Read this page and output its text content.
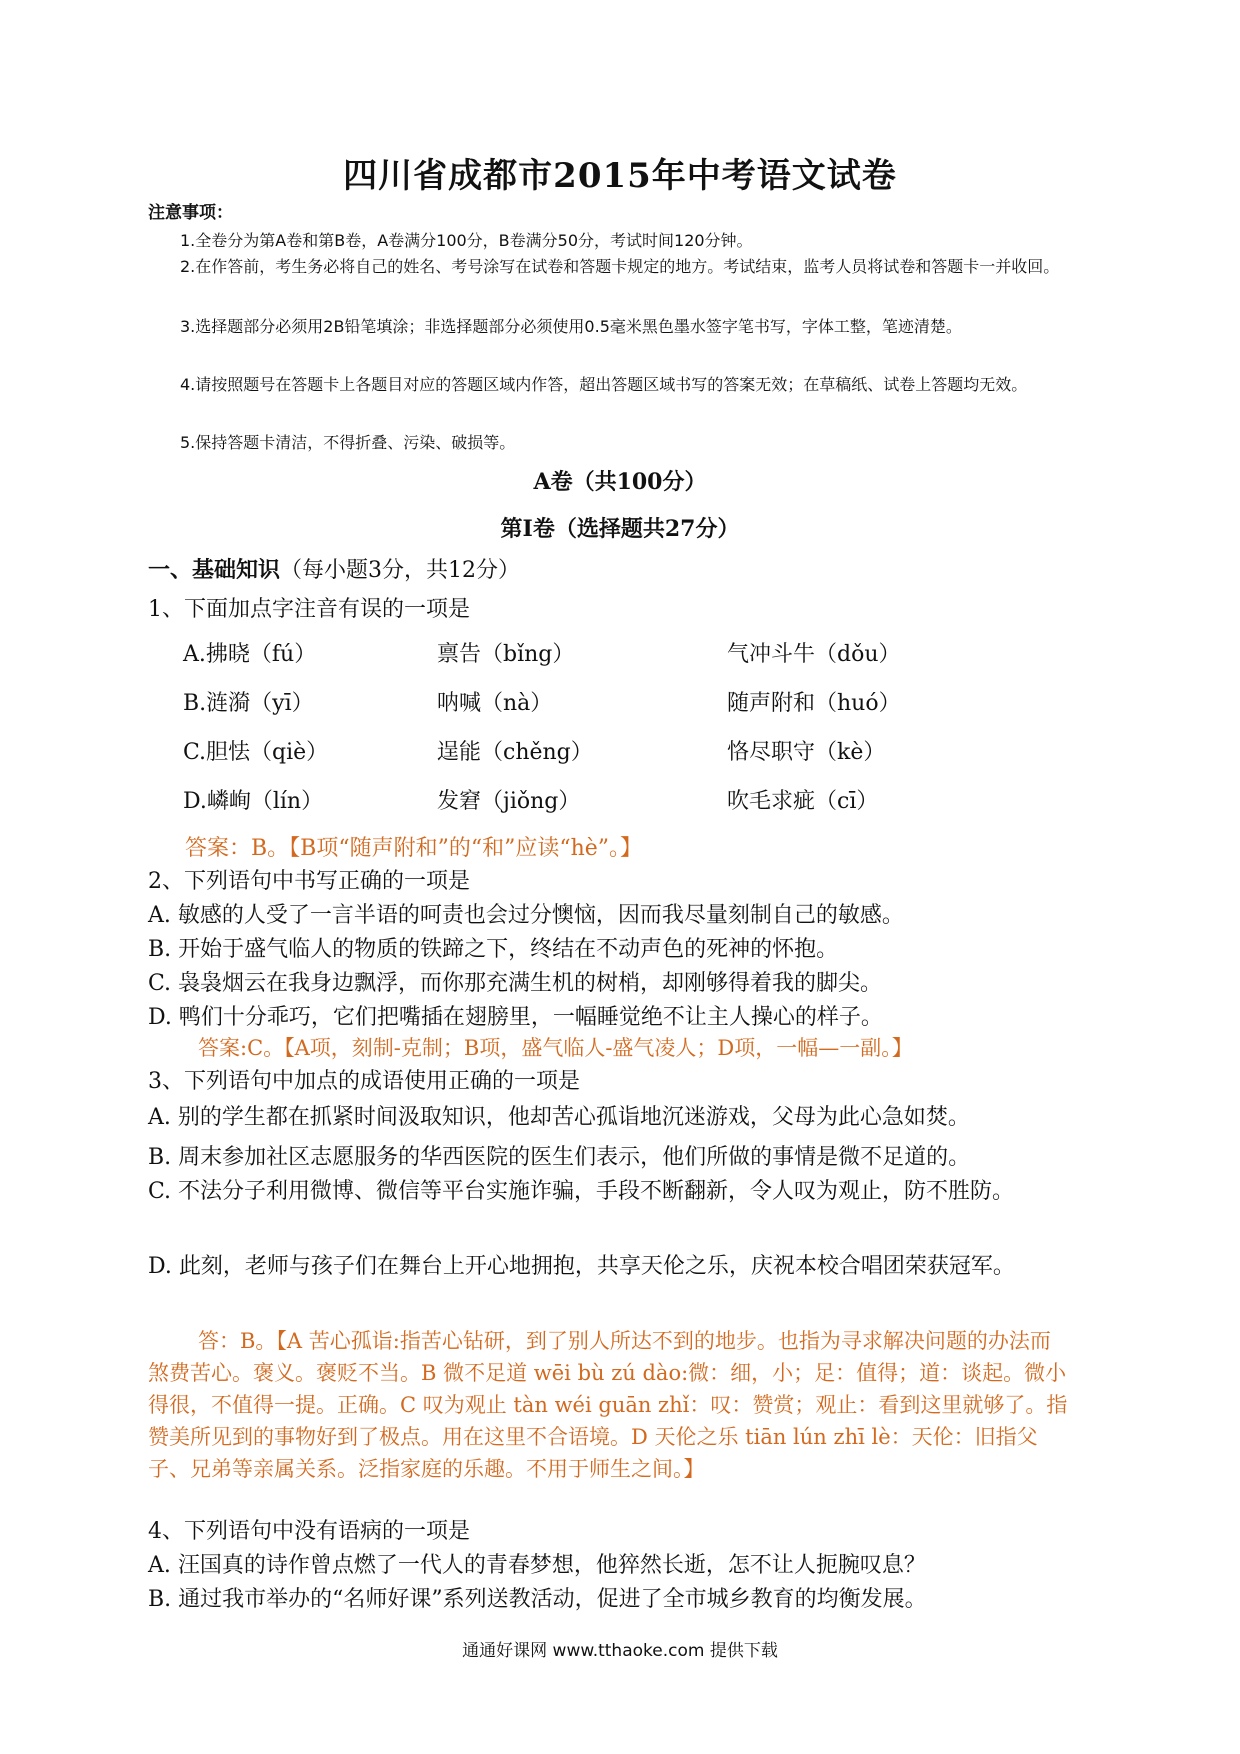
四川省成都市2015年中考语文试卷
注意事项：
1.全卷分为第A卷和第B卷，A卷满分100分，B卷满分50分，考试时间120分钟。
2.在作答前，考生务必将自己的姓名、考号涂写在试卷和答题卡规定的地方。考试结束，监考人员将试卷和答题卡一并收回。
3.选择题部分必须用2B铅笔填涂；非选择题部分必须使用0.5毫米黑色墨水签字笔书写，字体工整，笔迹清楚。
4.请按照题号在答题卡上各题目对应的答题区域内作答，超出答题区域书写的答案无效；在草稿纸、试卷上答题均无效。
5.保持答题卡清洁，不得折叠、污染、破损等。
A卷（共100分）
第Ⅰ卷（选择题共27分）
一、基础知识（每小题3分，共12分）
1、下面加点字注音有误的一项是
A.拂晓（fú）	禀告（bǐng）	气冲斗牛（dǒu）
B.涟漪（yī）	呐喊（nà）	随声附和（huó）
C.胆怯（qiè）	逞能（chěng）	恪尽职守（kè）
D.嶙峋（lín）	发窘（jiǒng）	吹毛求疵（cī）
答案：B。【B项“随声附和”的“和”应读“hè”。】
2、下列语句中书写正确的一项是
A. 敏感的人受了一言半语的呵责也会过分懊恼，因而我尽量刻制自己的敏感。
B. 开始于盛气临人的物质的铁蹄之下，终结在不动声色的死神的怀抱。
C. 袅袅烟云在我身边飘浮，而你那充满生机的树梢，却刚够得着我的脚尖。
D. 鸭们十分乖巧，它们把嘴插在翅膀里，一幅睡觉绝不让主人操心的样子。
答案:C。【A项，刻制-克制；B项，盛气临人-盛气凌人；D项，一幅—一副。】
3、下列语句中加点的成语使用正确的一项是
A. 别的学生都在抓紧时间汲取知识，他却苦心孤诣地沉迷游戏，父母为此心急如焚。
B. 周末参加社区志愿服务的华西医院的医生们表示，他们所做的事情是微不足道的。
C. 不法分子利用微博、微信等平台实施诈骗，手段不断翻新，令人叹为观止，防不胜防。
D. 此刻，老师与孩子们在舞台上开心地拥抱，共享天伦之乐，庆祝本校合唱团荣获冠军。
答：B。【A 苦心孤诣:指苦心钻研，到了别人所达不到的地步。也指为寻求解决问题的办法而煞费苦心。褒义。褒贬不当。B 微不足道 wēi bù zú dào:微：细，小；足：值得；道：谈起。微小得很，不值得一提。正确。C 叹为观止 tàn wéi guān zhǐ：叹：赞赏；观止：看到这里就够了。指赞美所见到的事物好到了极点。用在这里不合语境。D 天伦之乐 tiān lún zhī lè：天伦：旧指父子、兄弟等亲属关系。泛指家庭的乐趣。不用于师生之间。】
4、下列语句中没有语病的一项是
A. 汪国真的诗作曾点燃了一代人的青春梦想，他猝然长逝，怎不让人扼腕叹息？
B. 通过我市举办的“名师好课”系列送教活动，促进了全市城乡教育的均衡发展。
通通好课网 www.tthaoke.com 提供下载
